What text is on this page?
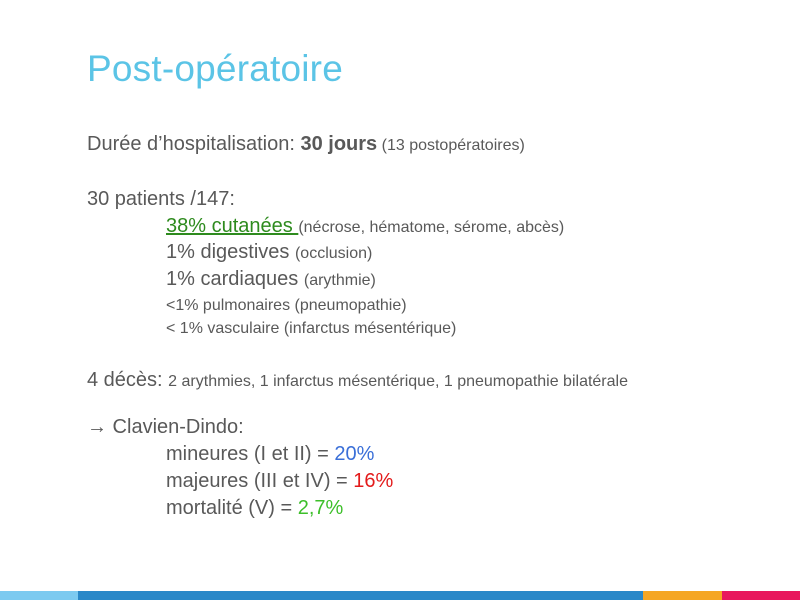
Post-opératoire
Durée d’hospitalisation: 30 jours (13 postopératoires)
30 patients /147:
38% cutanées (nécrose, hématome, sérome, abcès)
1% digestives (occlusion)
1% cardiaques (arythmie)
<1% pulmonaires (pneumopathie)
< 1% vasculaire (infarctus mésentérique)
4 décès: 2 arythmies, 1 infarctus mésentérique, 1 pneumopathie bilatérale
→ Clavien-Dindo:
mineures (I et II) = 20%
majeures (III et IV) = 16%
mortalité (V) = 2,7%
